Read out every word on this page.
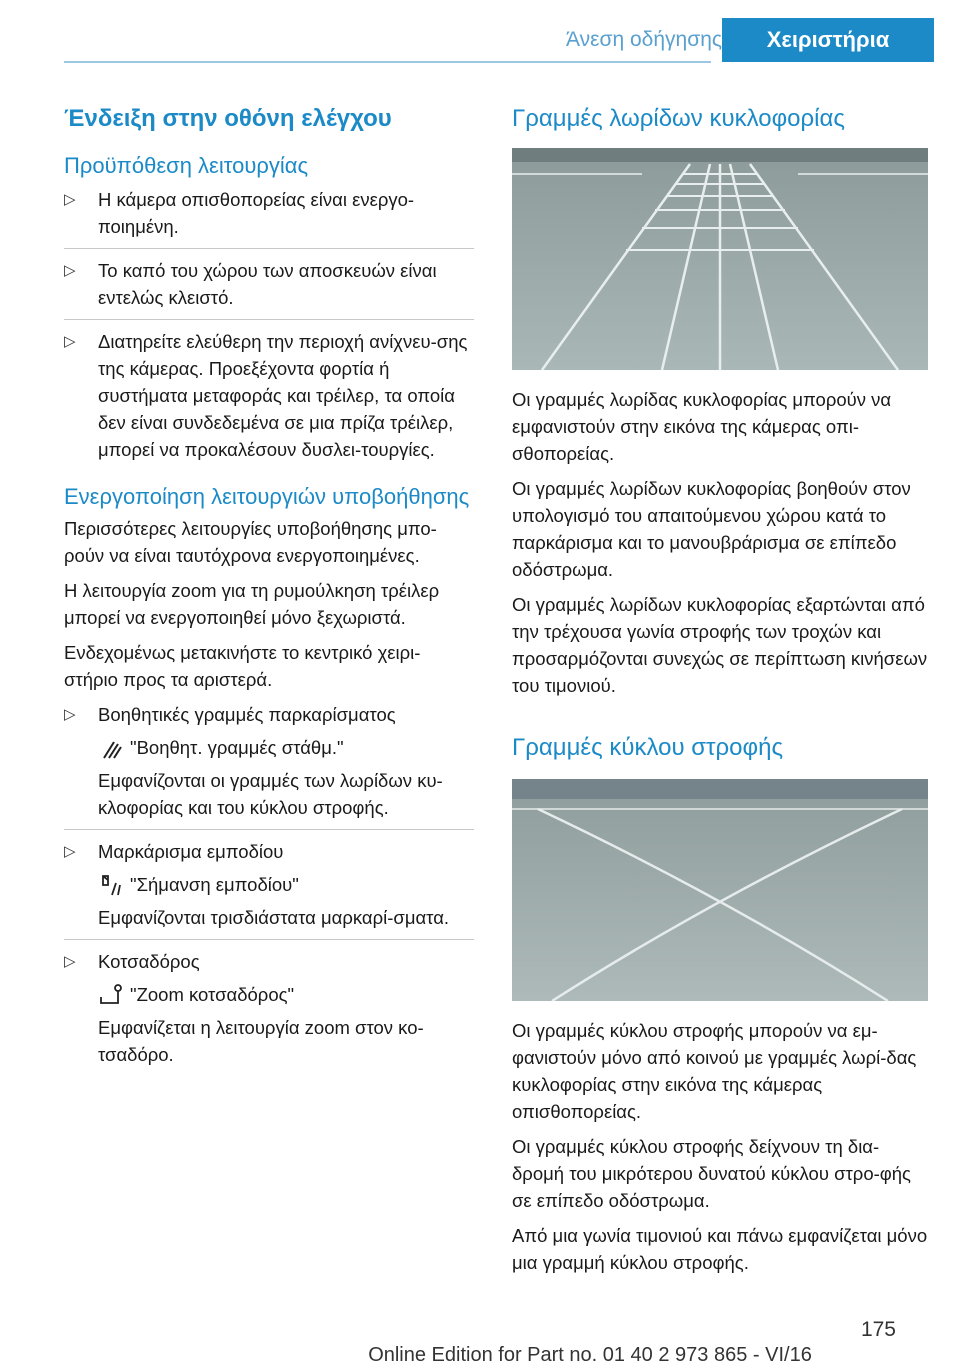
Άνεση οδήγησης	Χειριστήρια
Ένδειξη στην οθόνη ελέγχου
Προϋπόθεση λειτουργίας
▷ Η κάμερα οπισθοπορείας είναι ενεργο-ποιημένη.
▷ Το καπό του χώρου των αποσκευών είναι εντελώς κλειστό.
▷ Διατηρείτε ελεύθερη την περιοχή ανίχνευ-σης της κάμερας. Προεξέχοντα φορτία ή συστήματα μεταφοράς και τρέιλερ, τα οποία δεν είναι συνδεδεμένα σε μια πρίζα τρέιλερ, μπορεί να προκαλέσουν δυσλει-τουργίες.
Ενεργοποίηση λειτουργιών υποβοήθησης

Περισσότερες λειτουργίες υποβοήθησης μπο-ρούν να είναι ταυτόχρονα ενεργοποιημένες.

Η λειτουργία zoom για τη ρυμούλκηση τρέιλερ μπορεί να ενεργοποιηθεί μόνο ξεχωριστά.

Ενδεχομένως μετακινήστε το κεντρικό χειρι-στήριο προς τα αριστερά.

▷ Βοηθητικές γραμμές παρκαρίσματος
"Βοηθητ. γραμμές στάθμ."
Εμφανίζονται οι γραμμές των λωρίδων κυ-κλοφορίας και του κύκλου στροφής.
▷ Μαρκάρισμα εμποδίου
"Σήμανση εμποδίου"
Εμφανίζονται τρισδιάστατα μαρκαρί-σματα.
▷ Κοτσαδόρος
"Zoom κοτσαδόρος"
Εμφανίζεται η λειτουργία zoom στον κο-τσαδόρο.
Γραμμές λωρίδων κυκλοφορίας

Οι γραμμές λωρίδας κυκλοφορίας μπορούν να εμφανιστούν στην εικόνα της κάμερας οπι-σθοπορείας.

Οι γραμμές λωρίδων κυκλοφορίας βοηθούν στον υπολογισμό του απαιτούμενου χώρου κατά το παρκάρισμα και το μανουβράρισμα σε επίπεδο οδόστρωμα.

Οι γραμμές λωρίδων κυκλοφορίας εξαρτώνται από την τρέχουσα γωνία στροφής των τροχών και προσαρμόζονται συνεχώς σε περίπτωση κινήσεων του τιμονιού.

Γραμμές κύκλου στροφής

Οι γραμμές κύκλου στροφής μπορούν να εμ-φανιστούν μόνο από κοινού με γραμμές λωρί-δας κυκλοφορίας στην εικόνα της κάμερας οπισθοπορείας.

Οι γραμμές κύκλου στροφής δείχνουν τη δια-δρομή του μικρότερου δυνατού κύκλου στρο-φής σε επίπεδο οδόστρωμα.

Από μια γωνία τιμονιού και πάνω εμφανίζεται μόνο μια γραμμή κύκλου στροφής.

175
Online Edition for Part no. 01 40 2 973 865 - VI/16
